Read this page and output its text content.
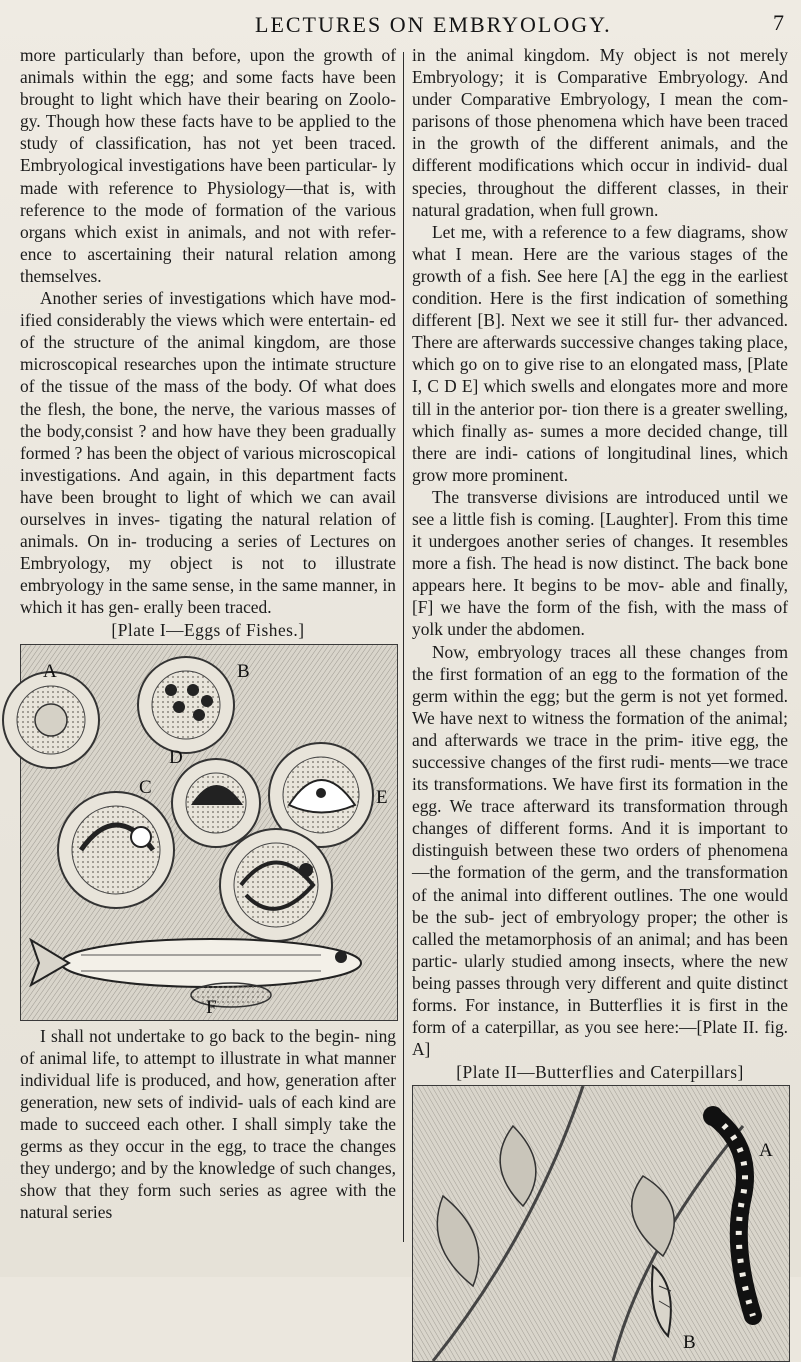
LECTURES ON EMBRYOLOGY.	7

more particularly than before, upon the growth of animals within the egg; and some facts have been brought to light which have their bearing on Zoolo- gy. Though how these facts have to be applied to the study of classification, has not yet been traced. Embryological investigations have been particular- ly made with reference to Physiology—that is, with reference to the mode of formation of the various organs which exist in animals, and not with refer- ence to ascertaining their natural relation among themselves.

Another series of investigations which have mod- ified considerably the views which were entertain- ed of the structure of the animal kingdom, are those microscopical researches upon the intimate structure of the tissue of the mass of the body. Of what does the flesh, the bone, the nerve, the various masses of the body,consist ? and how have they been gradually formed ? has been the object of various microscopical investigations. And again, in this department facts have been brought to light of which we can avail ourselves in inves- tigating the natural relation of animals. On in- troducing a series of Lectures on Embryology, my object is not to illustrate embryology in the same sense, in the same manner, in which it has gen- erally been traced.

[Plate I—Eggs of Fishes.]

A	B
D
E
C
F

I shall not undertake to go back to the begin- ning of animal life, to attempt to illustrate in what manner individual life is produced, and how, generation after generation, new sets of individ- uals of each kind are made to succeed each other. I shall simply take the germs as they occur in the egg, to trace the changes they undergo; and by the knowledge of such changes, show that they form such series as agree with the natural series

in the animal kingdom. My object is not merely Embryology; it is Comparative Embryology. And under Comparative Embryology, I mean the com- parisons of those phenomena which have been traced in the growth of the different animals, and the different modifications which occur in individ- dual species, throughout the different classes, in their natural gradation, when full grown.

Let me, with a reference to a few diagrams, show what I mean. Here are the various stages of the growth of a fish. See here [A] the egg in the earliest condition. Here is the first indication of something different [B]. Next we see it still fur- ther advanced. There are afterwards successive changes taking place, which go on to give rise to an elongated mass, [Plate I, C D E] which swells and elongates more and more till in the anterior por- tion there is a greater swelling, which finally as- sumes a more decided change, till there are indi- cations of longitudinal lines, which grow more prominent.

The transverse divisions are introduced until we see a little fish is coming. [Laughter]. From this time it undergoes another series of changes. It resembles more a fish. The head is now distinct. The back bone appears here. It begins to be mov- able and finally, [F] we have the form of the fish, with the mass of yolk under the abdomen.

Now, embryology traces all these changes from the first formation of an egg to the formation of the germ within the egg; but the germ is not yet formed. We have next to witness the formation of the animal; and afterwards we trace in the prim- itive egg, the successive changes of the first rudi- ments—we trace its transformations. We have first its formation in the egg. We trace afterward its transformation through changes of different forms. And it is important to distinguish between these two orders of phenomena—the formation of the germ, and the transformation of the animal into different outlines. The one would be the sub- ject of embryology proper; the other is called the metamorphosis of an animal; and has been partic- ularly studied among insects, where the new being passes through very different and quite distinct forms. For instance, in Butterflies it is first in the form of a caterpillar, as you see here:—[Plate II. fig. A]

[Plate II—Butterflies and Caterpillars]

A
B
